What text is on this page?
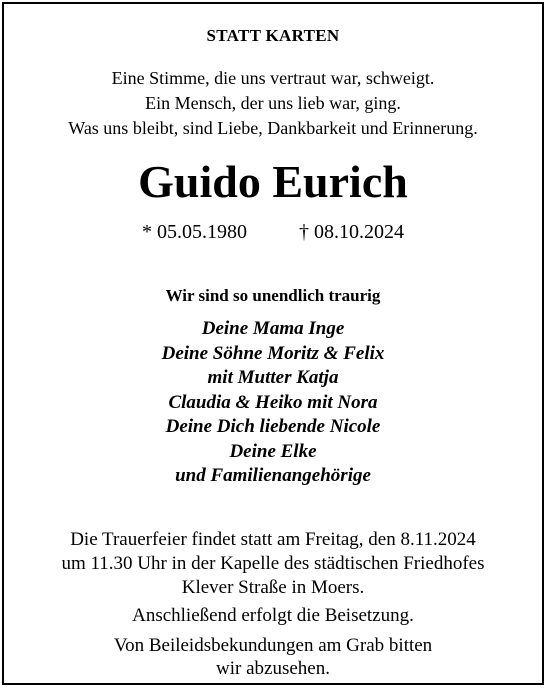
STATT KARTEN
Eine Stimme, die uns vertraut war, schweigt.
Ein Mensch, der uns lieb war, ging.
Was uns bleibt, sind Liebe, Dankbarkeit und Erinnerung.
Guido Eurich
* 05.05.1980	† 08.10.2024
Wir sind so unendlich traurig
Deine Mama Inge
Deine Söhne Moritz & Felix
mit Mutter Katja
Claudia & Heiko mit Nora
Deine Dich liebende Nicole
Deine Elke
und Familienangehörige
Die Trauerfeier findet statt am Freitag, den 8.11.2024
um 11.30 Uhr in der Kapelle des städtischen Friedhofes
Klever Straße in Moers.
Anschließend erfolgt die Beisetzung.
Von Beileidsbekundungen am Grab bitten
wir abzusehen.
